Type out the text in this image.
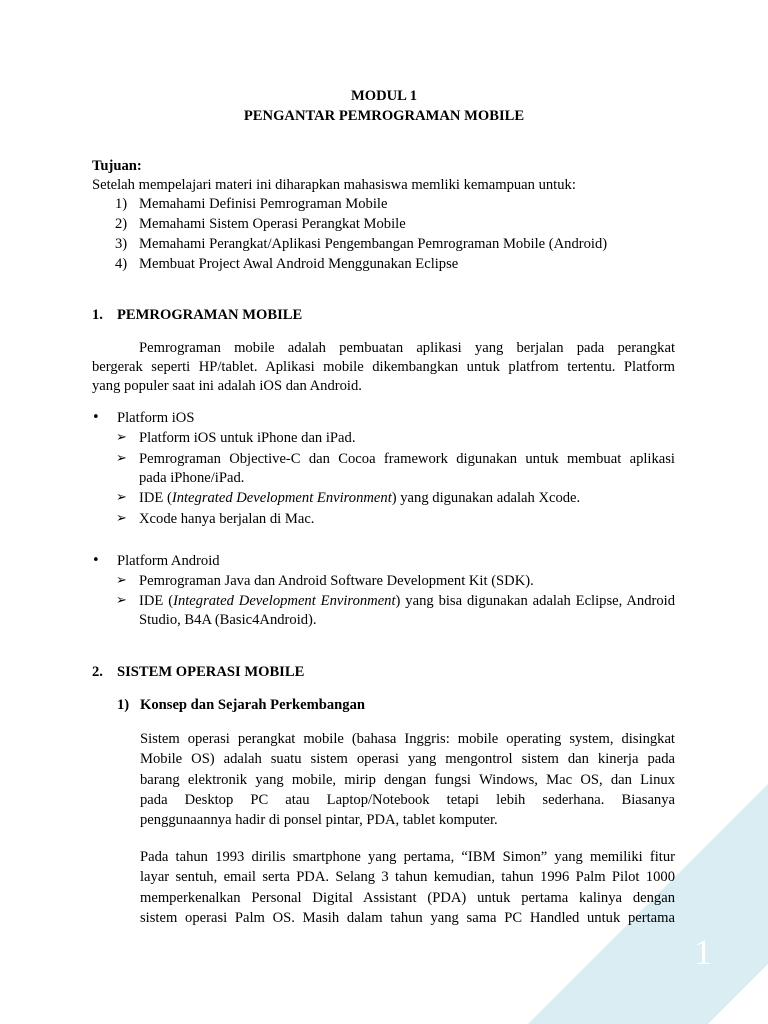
1
MODUL 1
PENGANTAR PEMROGRAMAN MOBILE
Tujuan:
Setelah mempelajari materi ini diharapkan mahasiswa memliki kemampuan untuk:
1) Memahami Definisi Pemrograman Mobile
2) Memahami Sistem Operasi Perangkat Mobile
3) Memahami Perangkat/Aplikasi Pengembangan Pemrograman Mobile (Android)
4) Membuat Project Awal Android Menggunakan Eclipse
1. PEMROGRAMAN MOBILE
Pemrograman mobile adalah pembuatan aplikasi yang berjalan pada perangkat
bergerak seperti HP/tablet. Aplikasi mobile dikembangkan untuk platfrom tertentu. Platform
yang populer saat ini adalah iOS dan Android.
• Platform iOS
➢ Platform iOS untuk iPhone dan iPad.
➢ Pemrograman Objective-C dan Cocoa framework digunakan untuk membuat aplikasi
pada iPhone/iPad.
➢ IDE (Integrated Development Environment) yang digunakan adalah Xcode.
➢ Xcode hanya berjalan di Mac.
• Platform Android
➢ Pemrograman Java dan Android Software Development Kit (SDK).
➢ IDE (Integrated Development Environment) yang bisa digunakan adalah Eclipse, Android
Studio, B4A (Basic4Android).
2. SISTEM OPERASI MOBILE
1) Konsep dan Sejarah Perkembangan
Sistem operasi perangkat mobile (bahasa Inggris: mobile operating system, disingkat
Mobile OS) adalah suatu sistem operasi yang mengontrol sistem dan kinerja pada
barang elektronik yang mobile, mirip dengan fungsi Windows, Mac OS, dan Linux
pada Desktop PC atau Laptop/Notebook tetapi lebih sederhana. Biasanya
penggunaannya hadir di ponsel pintar, PDA, tablet komputer.
Pada tahun 1993 dirilis smartphone yang pertama, “IBM Simon” yang memiliki fitur
layar sentuh, email serta PDA. Selang 3 tahun kemudian, tahun 1996 Palm Pilot 1000
memperkenalkan Personal Digital Assistant (PDA) untuk pertama kalinya dengan
sistem operasi Palm OS. Masih dalam tahun yang sama PC Handled untuk pertama
